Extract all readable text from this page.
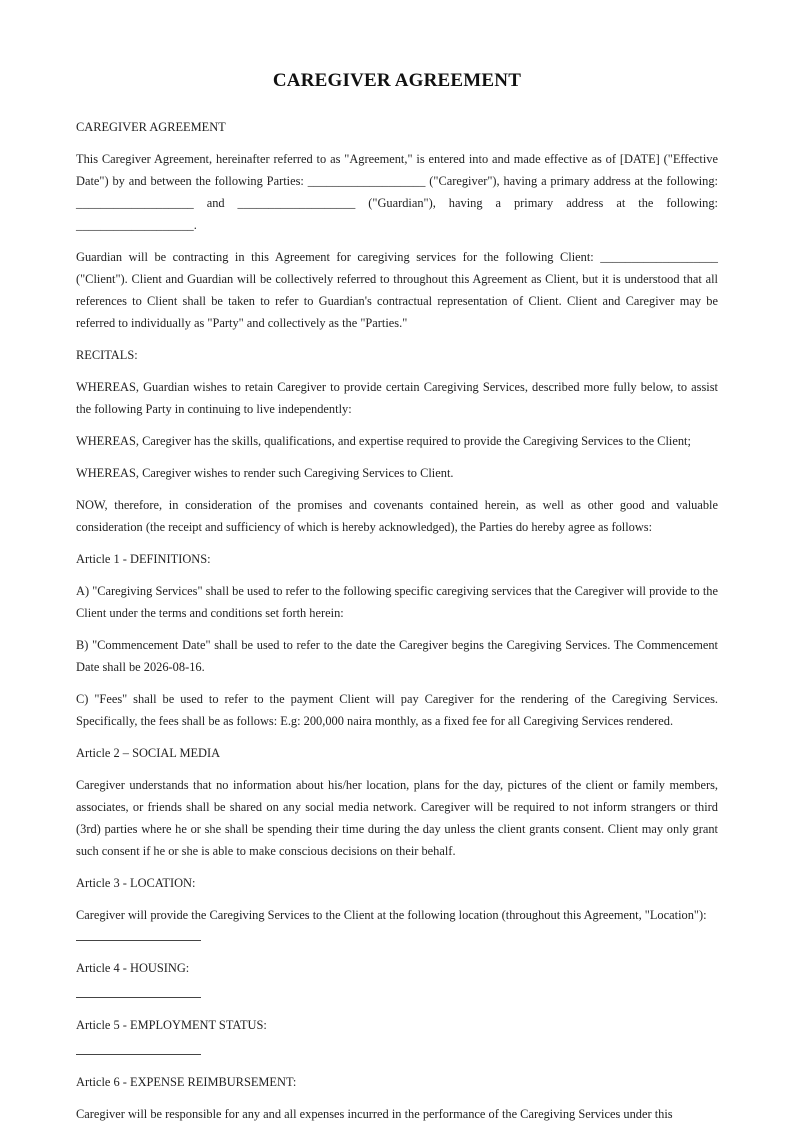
CAREGIVER AGREEMENT

CAREGIVER AGREEMENT

This Caregiver Agreement, hereinafter referred to as "Agreement," is entered into and made effective as of [DATE] ("Effective Date") by and between the following Parties: ___________________ ("Caregiver"), having a primary address at the following: ___________________ and ___________________ ("Guardian"), having a primary address at the following: ___________________.

Guardian will be contracting in this Agreement for caregiving services for the following Client: ___________________ ("Client"). Client and Guardian will be collectively referred to throughout this Agreement as Client, but it is understood that all references to Client shall be taken to refer to Guardian's contractual representation of Client. Client and Caregiver may be referred to individually as "Party" and collectively as the "Parties."

RECITALS:

WHEREAS, Guardian wishes to retain Caregiver to provide certain Caregiving Services, described more fully below, to assist the following Party in continuing to live independently:

WHEREAS, Caregiver has the skills, qualifications, and expertise required to provide the Caregiving Services to the Client;

WHEREAS, Caregiver wishes to render such Caregiving Services to Client.

NOW, therefore, in consideration of the promises and covenants contained herein, as well as other good and valuable consideration (the receipt and sufficiency of which is hereby acknowledged), the Parties do hereby agree as follows:

Article 1 - DEFINITIONS:

A) "Caregiving Services" shall be used to refer to the following specific caregiving services that the Caregiver will provide to the Client under the terms and conditions set forth herein:

B) "Commencement Date" shall be used to refer to the date the Caregiver begins the Caregiving Services. The Commencement Date shall be 2026-08-16.

C) "Fees" shall be used to refer to the payment Client will pay Caregiver for the rendering of the Caregiving Services. Specifically, the fees shall be as follows: E.g: 200,000 naira monthly, as a fixed fee for all Caregiving Services rendered.

Article 2 – SOCIAL MEDIA

Caregiver understands that no information about his/her location, plans for the day, pictures of the client or family members, associates, or friends shall be shared on any social media network. Caregiver will be required to not inform strangers or third (3rd) parties where he or she shall be spending their time during the day unless the client grants consent. Client may only grant such consent if he or she is able to make conscious decisions on their behalf.

Article 3 - LOCATION:

Caregiver will provide the Caregiving Services to the Client at the following location (throughout this Agreement, "Location"):

Article 4 - HOUSING:

Article 5 - EMPLOYMENT STATUS:

Article 6 - EXPENSE REIMBURSEMENT:

Caregiver will be responsible for any and all expenses incurred in the performance of the Caregiving Services under this
